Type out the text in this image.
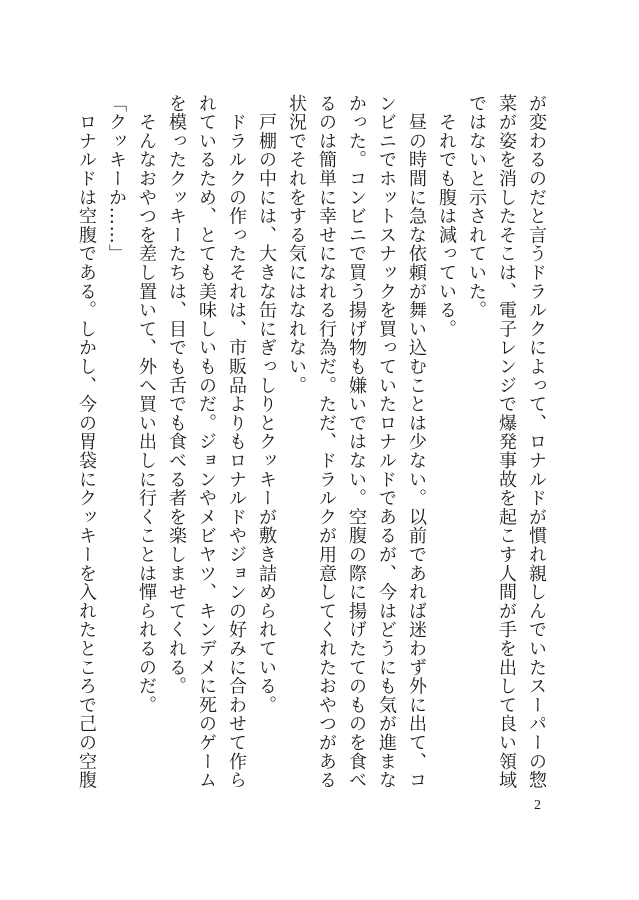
が変わるのだと言うドラルクによって、ロナルドが慣れ親しんでいたスーパーの惣
菜が姿を消したそこは、電子レンジで爆発事故を起こす人間が手を出して良い領域
ではないと示されていた。
　それでも腹は減っている。
　昼の時間に急な依頼が舞い込むことは少ない。以前であれば迷わず外に出て、コ
ンビニでホットスナックを買っていたロナルドであるが、今はどうにも気が進まな
かった。コンビニで買う揚げ物も嫌いではない。空腹の際に揚げたてのものを食べ
るのは簡単に幸せになれる行為だ。ただ、ドラルクが用意してくれたおやつがある
状況でそれをする気にはなれない。
　戸棚の中には、大きな缶にぎっしりとクッキーが敷き詰められている。
　ドラルクの作ったそれは、市販品よりもロナルドやジョンの好みに合わせて作ら
れているため、とても美味しいものだ。ジョンやメビヤツ、キンデメに死のゲーム
を模ったクッキーたちは、目でも舌でも食べる者を楽しませてくれる。
　そんなおやつを差し置いて、外へ買い出しに行くことは憚られるのだ。
「クッキーか……」
　ロナルドは空腹である。しかし、今の胃袋にクッキーを入れたところで己の空腹
2
